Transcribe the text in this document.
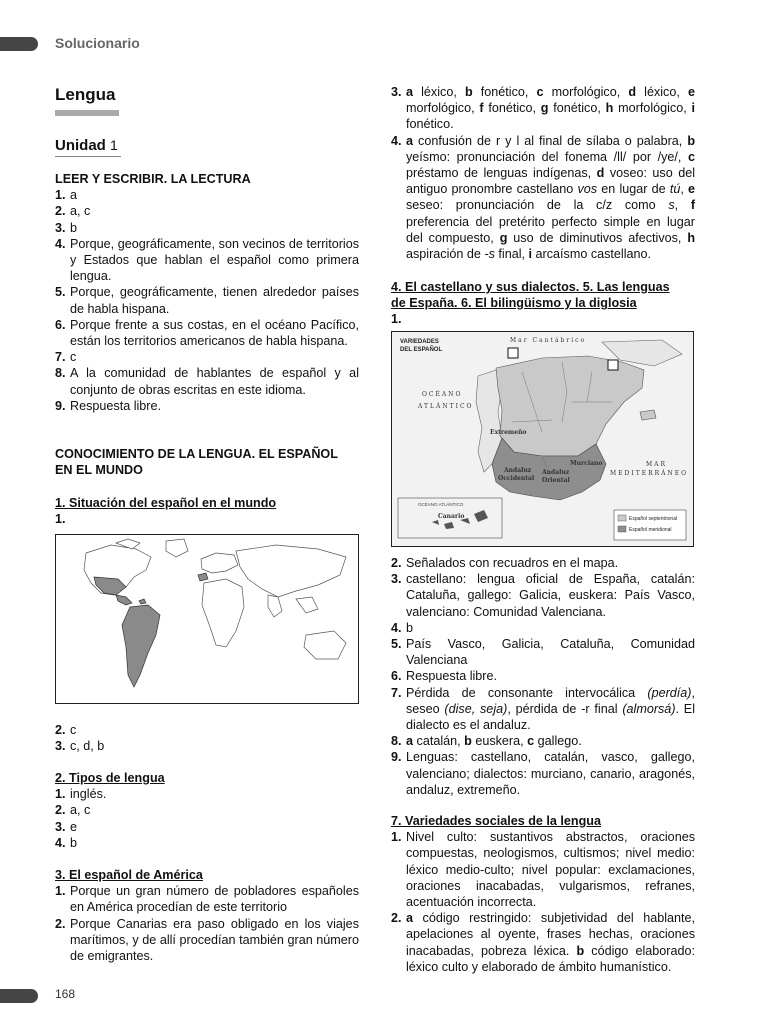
Solucionario
168
Lengua
Unidad 1
LEER Y ESCRIBIR. LA LECTURA
1. a
2. a, c
3. b
4. Porque, geográficamente, son vecinos de territorios y Estados que hablan el español como primera lengua.
5. Porque, geográficamente, tienen alrededor países de habla hispana.
6. Porque frente a sus costas, en el océano Pacífico, están los territorios americanos de habla hispana.
7. c
8. A la comunidad de hablantes de español y al conjunto de obras escritas en este idioma.
9. Respuesta libre.
CONOCIMIENTO DE LA LENGUA. EL ESPAÑOL
EN EL MUNDO
1. Situación del español en el mundo
1.
2. c
3. c, d, b
2. Tipos de lengua
1. inglés.
2. a, c
3. e
4. b
3. El español de América
1. Porque un gran número de pobladores españoles en América procedían de este territorio
2. Porque Canarias era paso obligado en los viajes marítimos, y de allí procedían también gran número de emigrantes.
3. a léxico, b fonético, c morfológico, d léxico, e morfológico, f fonético, g fonético, h morfológico, i fonético.
4. a confusión de r y l al final de sílaba o palabra, b yeísmo: pronunciación del fonema /ll/ por /ye/, c préstamo de lenguas indígenas, d voseo: uso del antiguo pronombre castellano vos en lugar de tú, e seseo: pronunciación de la c/z como s, f preferencia del pretérito perfecto simple en lugar del compuesto, g uso de diminutivos afectivos, h aspiración de -s final, i arcaísmo castellano.
4. El castellano y sus dialectos. 5. Las lenguas
de España. 6. El bilingüismo y la diglosia
1.
VARIEDADES
DEL ESPAÑOL
Mar Cantábrico
OCÉANO
ATLÁNTICO
MAR
MEDITERRÁNEO
Extremeño
Murciano
Andaluz
Occidental
Andaluz
Oriental
OCÉANO ATLÁNTICO
Canario	Español septentrional
Español meridional
2. Señalados con recuadros en el mapa.
3. castellano: lengua oficial de España, catalán: Cataluña, gallego: Galicia, euskera: País Vasco, valenciano: Comunidad Valenciana.
4. b
5. País Vasco, Galicia, Cataluña, Comunidad Valenciana
6. Respuesta libre.
7. Pérdida de consonante intervocálica (perdía), seseo (dise, seja), pérdida de -r final (almorsá). El dialecto es el andaluz.
8. a catalán, b euskera, c gallego.
9. Lenguas: castellano, catalán, vasco, gallego, valenciano; dialectos: murciano, canario, aragonés, andaluz, extremeño.
7. Variedades sociales de la lengua
1. Nivel culto: sustantivos abstractos, oraciones compuestas, neologismos, cultismos; nivel medio: léxico medio-culto; nivel popular: exclamaciones, oraciones inacabadas, vulgarismos, refranes, acentuación incorrecta.
2. a código restringido: subjetividad del hablante, apelaciones al oyente, frases hechas, oraciones inacabadas, pobreza léxica. b código elaborado: léxico culto y elaborado de ámbito humanístico.
